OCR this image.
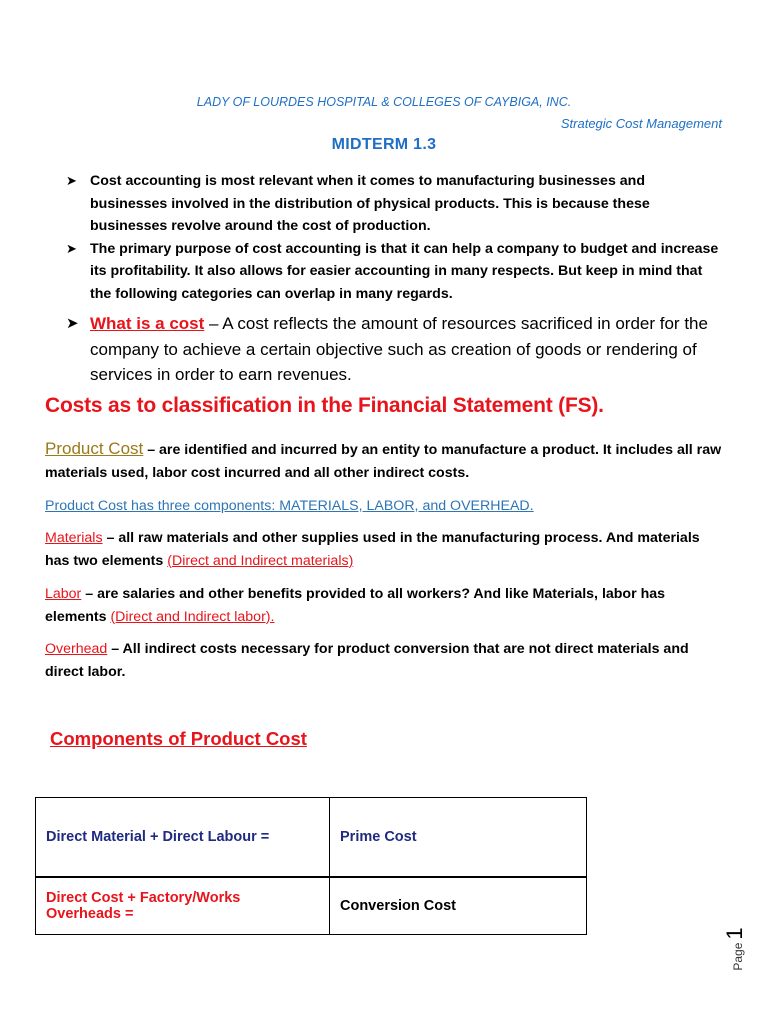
LADY OF LOURDES HOSPITAL & COLLEGES OF CAYBIGA, INC.
Strategic Cost Management
MIDTERM 1.3
➤ Cost accounting is most relevant when it comes to manufacturing businesses and businesses involved in the distribution of physical products. This is because these businesses revolve around the cost of production.
➤ The primary purpose of cost accounting is that it can help a company to budget and increase its profitability. It also allows for easier accounting in many respects. But keep in mind that the following categories can overlap in many regards.
➤ What is a cost – A cost reflects the amount of resources sacrificed in order for the company to achieve a certain objective such as creation of goods or rendering of services in order to earn revenues.
Costs as to classification in the Financial Statement (FS).
Product Cost – are identified and incurred by an entity to manufacture a product. It includes all raw materials used, labor cost incurred and all other indirect costs.
Product Cost has three components: MATERIALS, LABOR, and OVERHEAD.
Materials – all raw materials and other supplies used in the manufacturing process. And materials has two elements (Direct and Indirect materials)
Labor – are salaries and other benefits provided to all workers? And like Materials, labor has elements (Direct and Indirect labor).
Overhead – All indirect costs necessary for product conversion that are not direct materials and direct labor.
Components of Product Cost
Direct Material + Direct Labour =	Prime Cost
Direct Cost + Factory/Works Overheads =	Conversion Cost
Page
1
